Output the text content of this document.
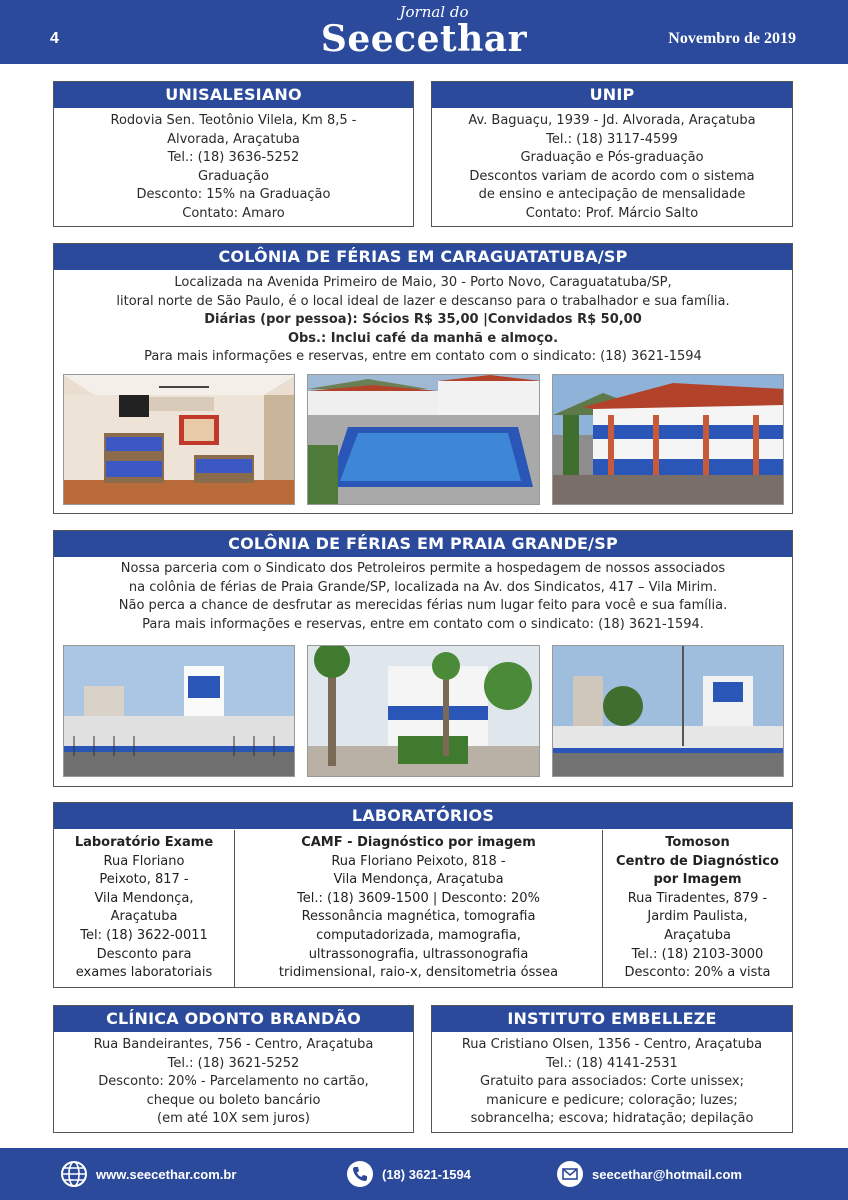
4
Jornal do
Seecethar	Novembro de 2019
UNISALESIANO
Rodovia Sen. Teotônio Vilela, Km 8,5 -
Alvorada, Araçatuba
Tel.: (18) 3636-5252
Graduação
Desconto: 15% na Graduação
Contato: Amaro
UNIP
Av. Baguaçu, 1939 - Jd. Alvorada, Araçatuba
Tel.: (18) 3117-4599
Graduação e Pós-graduação
Descontos variam de acordo com o sistema
de ensino e antecipação de mensalidade
Contato: Prof. Márcio Salto
COLÔNIA DE FÉRIAS EM CARAGUATATUBA/SP
Localizada na Avenida Primeiro de Maio, 30 - Porto Novo, Caraguatatuba/SP,
litoral norte de São Paulo, é o local ideal de lazer e descanso para o trabalhador e sua família.
Diárias (por pessoa): Sócios R$ 35,00 |Convidados R$ 50,00
Obs.: Inclui café da manhã e almoço.
Para mais informações e reservas, entre em contato com o sindicato: (18) 3621-1594
COLÔNIA DE FÉRIAS EM PRAIA GRANDE/SP
Nossa parceria com o Sindicato dos Petroleiros permite a hospedagem de nossos associados
na colônia de férias de Praia Grande/SP, localizada na Av. dos Sindicatos, 417 – Vila Mirim.
Não perca a chance de desfrutar as merecidas férias num lugar feito para você e sua família.
Para mais informações e reservas, entre em contato com o sindicato: (18) 3621-1594.
LABORATÓRIOS
Laboratório Exame
Rua Floriano
Peixoto, 817 -
Vila Mendonça,
Araçatuba
Tel: (18) 3622-0011
Desconto para
exames laboratoriais
CAMF - Diagnóstico por imagem
Rua Floriano Peixoto, 818 -
Vila Mendonça, Araçatuba
Tel.: (18) 3609-1500 | Desconto: 20%
Ressonância magnética, tomografia
computadorizada, mamografia,
ultrassonografia, ultrassonografia
tridimensional, raio-x, densitometria óssea
Tomoson
Centro de Diagnóstico
por Imagem
Rua Tiradentes, 879 -
Jardim Paulista,
Araçatuba
Tel.: (18) 2103-3000
Desconto: 20% a vista
CLÍNICA ODONTO BRANDÃO
Rua Bandeirantes, 756 - Centro, Araçatuba
Tel.: (18) 3621-5252
Desconto: 20% - Parcelamento no cartão,
cheque ou boleto bancário
(em até 10X sem juros)
INSTITUTO EMBELLEZE
Rua Cristiano Olsen, 1356 - Centro, Araçatuba
Tel.: (18) 4141-2531
Gratuito para associados: Corte unissex;
manicure e pedicure; coloração; luzes;
sobrancelha; escova; hidratação; depilação
www.seecethar.com.br	(18) 3621-1594	seecethar@hotmail.com
